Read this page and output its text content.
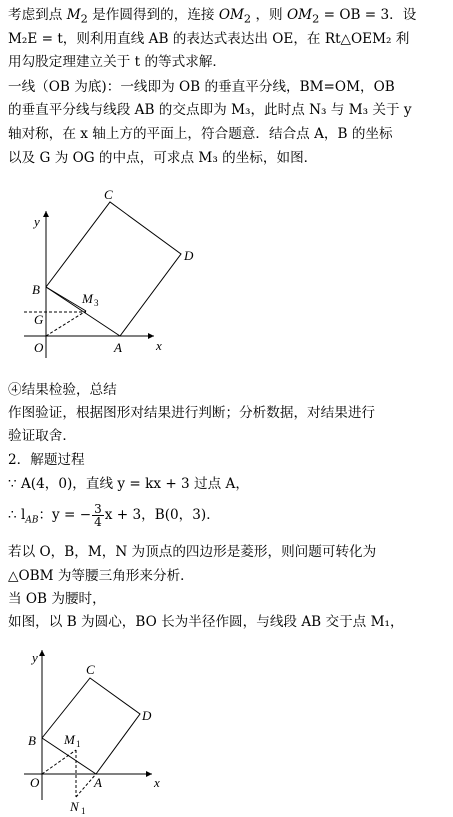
考虑到点 $M_2$ 是作圆得到的，连接 $OM_2$ ，则 $OM_2$ = OB = 3．设
M₂E = t，则利用直线 AB 的表达式表达出 OE，在 Rt△OEM₂ 利
用勾股定理建立关于 t 的等式求解．
一线（OB 为底)：一线即为 OB 的垂直平分线，BM=OM，OB
的垂直平分线与线段 AB 的交点即为 M₃，此时点 N₃ 与 M₃ 关于 y
轴对称，在 x 轴上方的平面上，符合题意．结合点 A，B 的坐标
以及 G 为 OG 的中点，可求点 M₃ 的坐标，如图．
y
x
C
D
B
M 3
G
O	A
④结果检验，总结
作图验证，根据图形对结果进行判断；分析数据，对结果进行
验证取舍．
2．解题过程
∵ A(4，0)，直线 y = kx + 3 过点 A，
∴ $l_{AB}$：y = − $\frac{3}{4}$ x + 3，B(0，3)．
若以 O，B，M，N 为顶点的四边形是菱形，则问题可转化为
△OBM 为等腰三角形来分析．
当 OB 为腰时，
如图，以 B 为圆心，BO 长为半径作圆，与线段 AB 交于点 M₁，
y
x
C
D
B M 1
O	A
N 1
